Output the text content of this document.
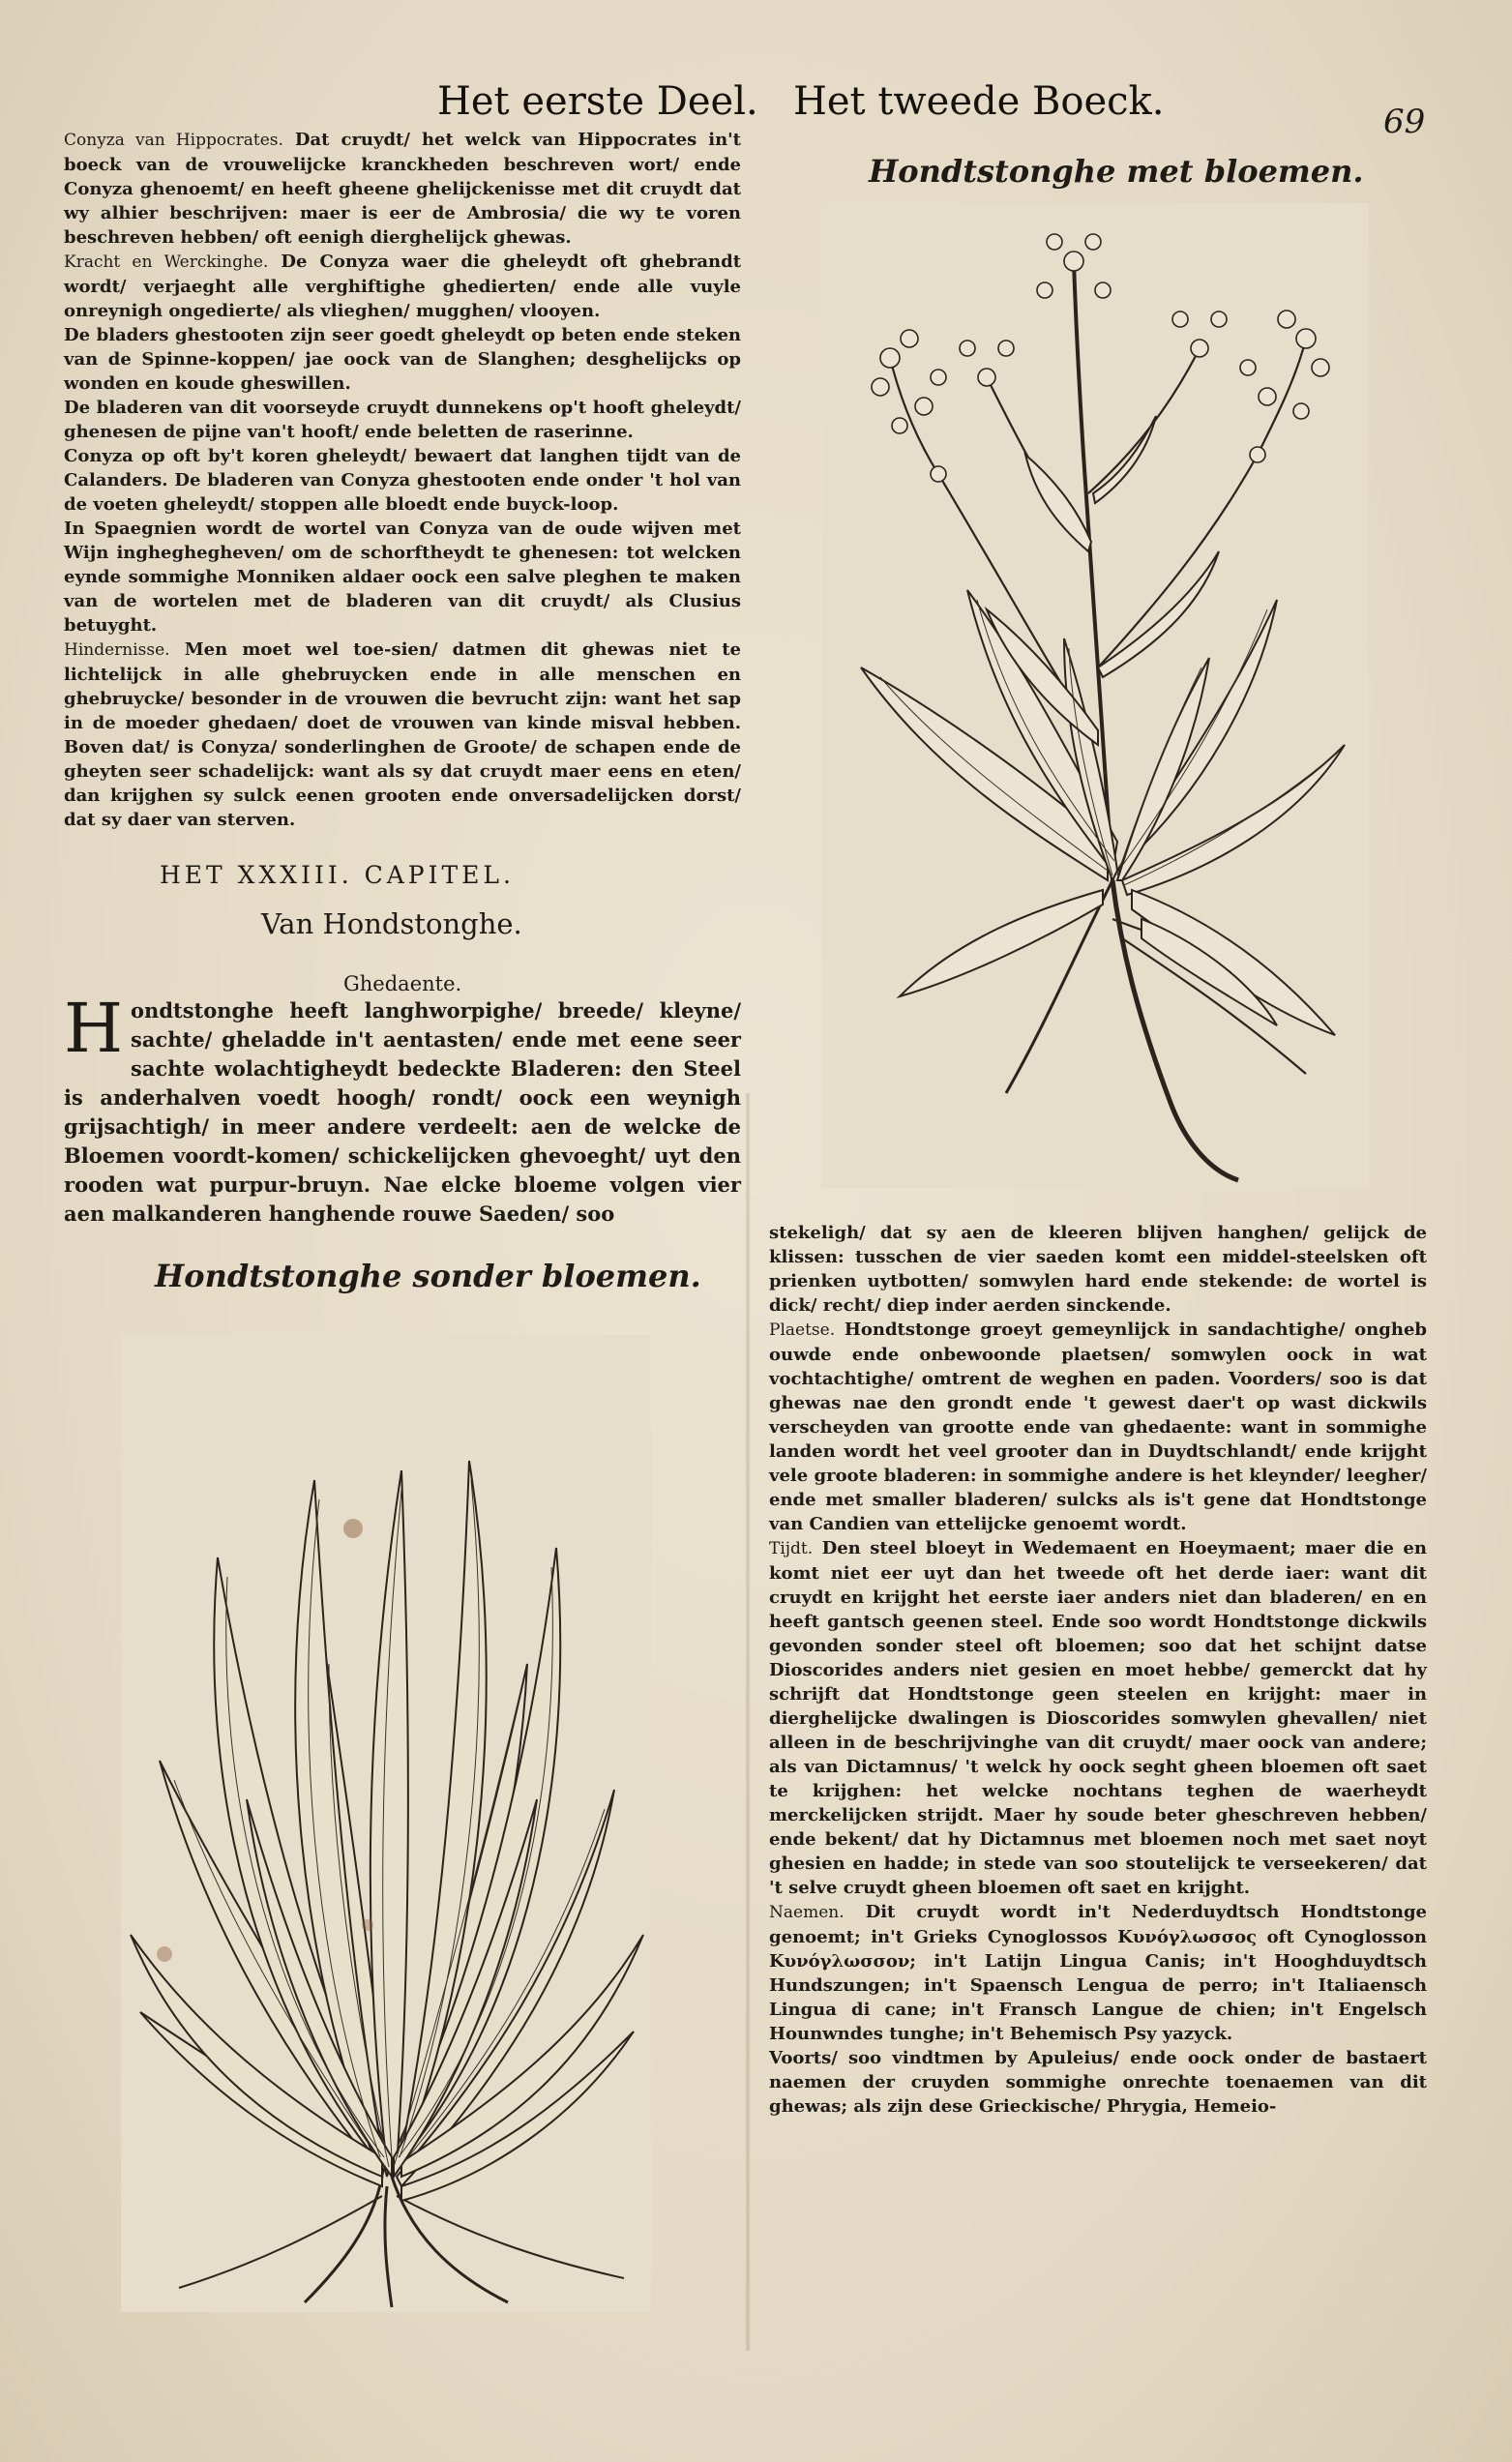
Het eerste Deel. Het tweede Boeck.	69

Conyza van Hippocrates. Dat cruydt/ het welck van Hippocrates in't boeck van de vrouwelijcke kranckheden beschreven wort/ ende Conyza ghenoemt/ en heeft gheene ghelijckenisse met dit cruydt dat wy alhier beschrijven: maer is eer de Ambrosia/ die wy te voren beschreven hebben/ oft eenigh dierghelijck ghewas.

Kracht en Werckinghe. De Conyza waer die gheleydt oft ghebrandt wordt/ verjaeght alle verghiftighe ghedierten/ ende alle vuyle onreynigh ongedierte/ als vlieghen/ mugghen/ vlooyen.

De bladers ghestooten zijn seer goedt gheleydt op beten ende steken van de Spinne-koppen/ jae oock van de Slanghen; desghelijcks op wonden en koude gheswillen.

De bladeren van dit voorseyde cruydt dunnekens op't hooft gheleydt/ ghenesen de pijne van't hooft/ ende beletten de raserinne.

Conyza op oft by't koren gheleydt/ bewaert dat langhen tijdt van de Calanders. De bladeren van Conyza ghestooten ende onder 't hol van de voeten gheleydt/ stoppen alle bloedt ende buyck-loop.

In Spaegnien wordt de wortel van Conyza van de oude wijven met Wijn ingheghegheven/ om de schorftheydt te ghenesen: tot welcken eynde sommighe Monniken aldaer oock een salve pleghen te maken van de wortelen met de bladeren van dit cruydt/ als Clusius betuyght.

Hindernisse. Men moet wel toe-sien/ datmen dit ghewas niet te lichtelijck in alle ghebruycken ende in alle menschen en ghebruycke/ besonder in de vrouwen die bevrucht zijn: want het sap in de moeder ghedaen/ doet de vrouwen van kinde misval hebben. Boven dat/ is Conyza/ sonderlinghen de Groote/ de schapen ende de gheyten seer schadelijck: want als sy dat cruydt maer eens en eten/ dan krijghen sy sulck eenen grooten ende onversadelijcken dorst/ dat sy daer van sterven.

HET XXXIII. CAPITEL.
Van Hondstonghe.
Ghedaente.
Hondtstonghe heeft langhworpighe/ breede/ kleyne/ sachte/ gheladde in't aentasten/ ende met eene seer sachte wolachtigheydt bedeckte Bladeren: den Steel is anderhalven voedt hoogh/ rondt/ oock een weynigh grijsachtigh/ in meer andere verdeelt: aen de welcke de Bloemen voordt-komen/ schickelijcken ghevoeght/ uyt den rooden wat purpur-bruyn. Nae elcke bloeme volgen vier aen malkanderen hanghende rouwe Saeden/ soo
Hondtstonghe met bloemen.
Hondtstonghe sonder bloemen.

stekeligh/ dat sy aen de kleeren blijven hanghen/ gelijck de klissen: tusschen de vier saeden komt een middel-steelsken oft prienken uytbotten/ somwylen hard ende stekende: de wortel is dick/ recht/ diep inder aerden sinckende.

Plaetse. Hondtstonge groeyt gemeynlijck in sandachtighe/ ongheb ouwde ende onbewoonde plaetsen/ somwylen oock in wat vochtachtighe/ omtrent de weghen en paden. Voorders/ soo is dat ghewas nae den grondt ende 't gewest daer't op wast dickwils verscheyden van grootte ende van ghedaente: want in sommighe landen wordt het veel grooter dan in Duydtschlandt/ ende krijght vele groote bladeren: in sommighe andere is het kleynder/ leegher/ ende met smaller bladeren/ sulcks als is't gene dat Hondtstonge van Candien van ettelijcke genoemt wordt.

Tijdt. Den steel bloeyt in Wedemaent en Hoeymaent; maer die en komt niet eer uyt dan het tweede oft het derde iaer: want dit cruydt en krijght het eerste iaer anders niet dan bladeren/ en en heeft gantsch geenen steel. Ende soo wordt Hondtstonge dickwils gevonden sonder steel oft bloemen; soo dat het schijnt datse Dioscorides anders niet gesien en moet hebbe/ gemerckt dat hy schrijft dat Hondtstonge geen steelen en krijght: maer in dierghelijcke dwalingen is Dioscorides somwylen ghevallen/ niet alleen in de beschrijvinghe van dit cruydt/ maer oock van andere; als van Dictamnus/ 't welck hy oock seght gheen bloemen oft saet te krijghen: het welcke nochtans teghen de waerheydt merckelijcken strijdt. Maer hy soude beter gheschreven hebben/ ende bekent/ dat hy Dictamnus met bloemen noch met saet noyt ghesien en hadde; in stede van soo stoutelijck te verseekeren/ dat 't selve cruydt gheen bloemen oft saet en krijght.

Naemen. Dit cruydt wordt in't Nederduydtsch Hondtstonge genoemt; in't Grieks Cynoglossos Κυνόγλωσσος oft Cynoglosson Κυνόγλωσσον; in't Latijn Lingua Canis; in't Hooghduydtsch Hundszungen; in't Spaensch Lengua de perro; in't Italiaensch Lingua di cane; in't Fransch Langue de chien; in't Engelsch Hounwndes tunghe; in't Behemisch Psy yazyck.

Voorts/ soo vindtmen by Apuleius/ ende oock onder de bastaert naemen der cruyden sommighe onrechte toenaemen van dit ghewas; als zijn dese Grieckische/ Phrygia, Hemeio-
